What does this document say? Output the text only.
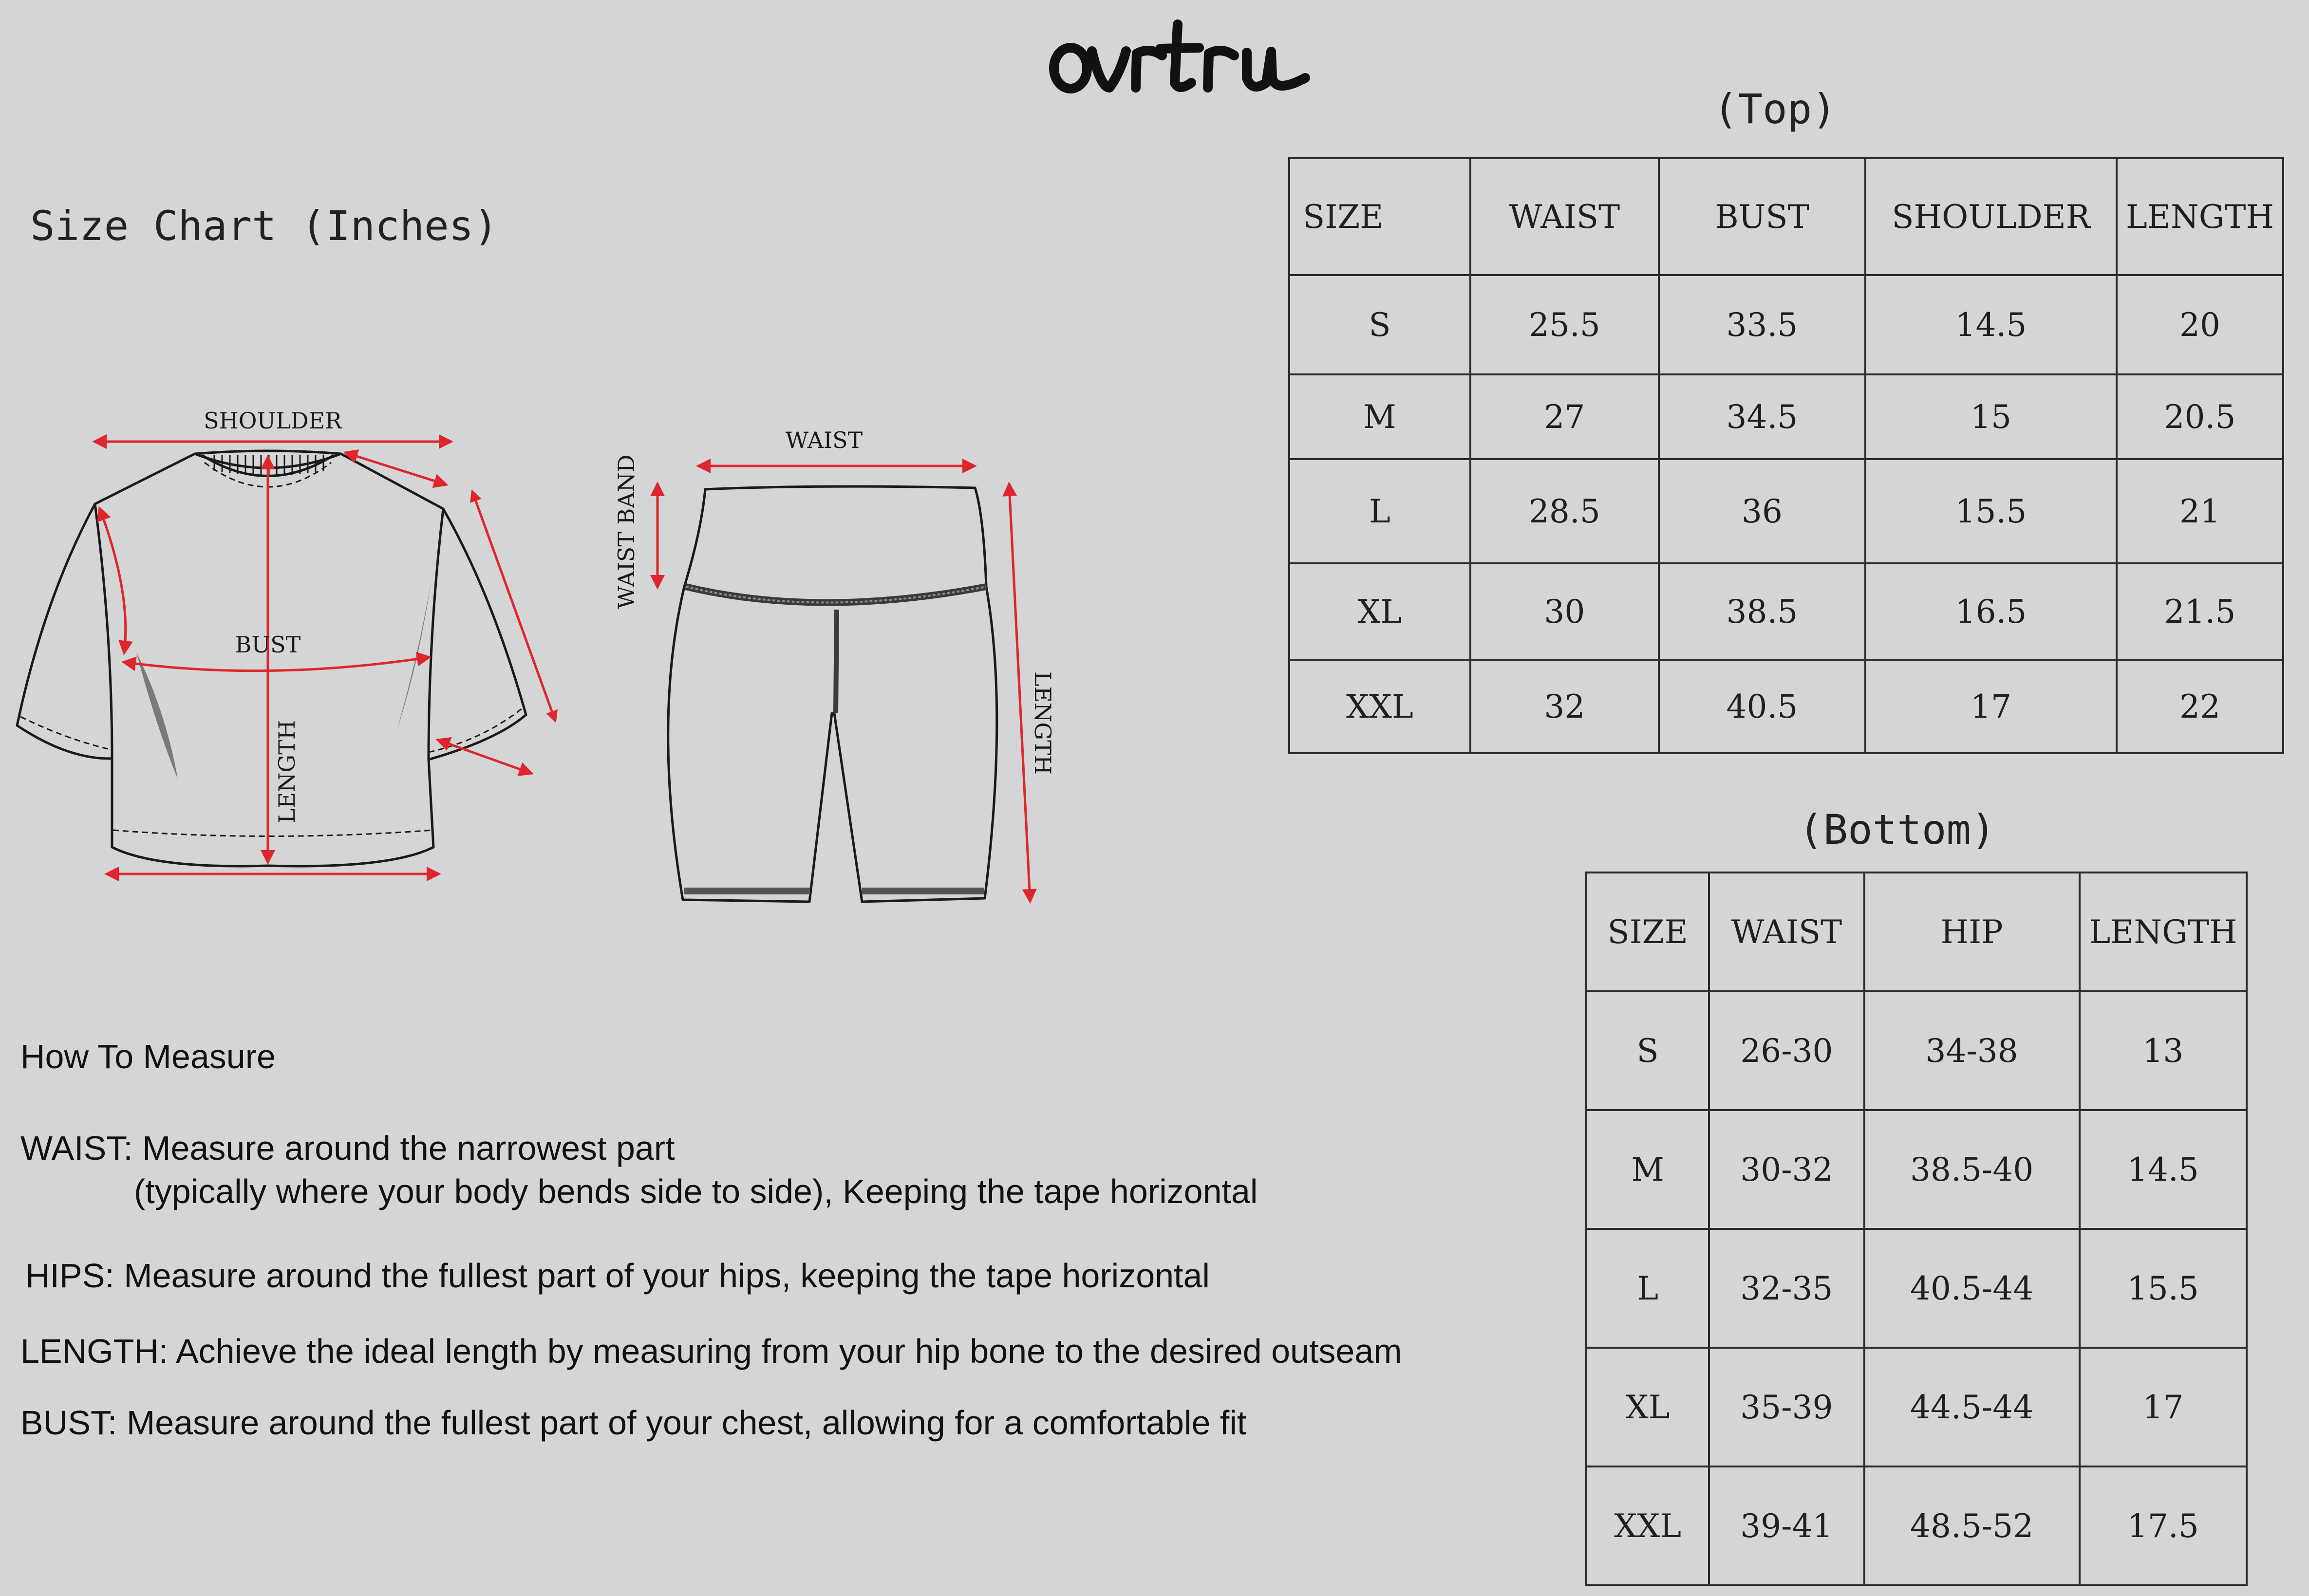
Size Chart (Inches)
(Top)
(Bottom)
SIZE	WAIST	BUST	SHOULDER	LENGTH
S	25.5	33.5	14.5	20
M	27	34.5	15	20.5
L	28.5	36	15.5	21
XL	30	38.5	16.5	21.5
XXL	32	40.5	17	22
SIZE	WAIST	HIP	LENGTH
S	26-30	34-38	13
M	30-32	38.5-40	14.5
L	32-35	40.5-44	15.5
XL	35-39	44.5-44	17
XXL	39-41	48.5-52	17.5
SHOULDER
BUST
LENGTH
WAIST
WAIST BAND
LENGTH
How To Measure
WAIST: Measure around the narrowest part
(typically where your body bends side to side), Keeping the tape horizontal
HIPS: Measure around the fullest part of your hips, keeping the tape horizontal
LENGTH: Achieve the ideal length by measuring from your hip bone to the desired outseam
BUST: Measure around the fullest part of your chest, allowing for a comfortable fit
